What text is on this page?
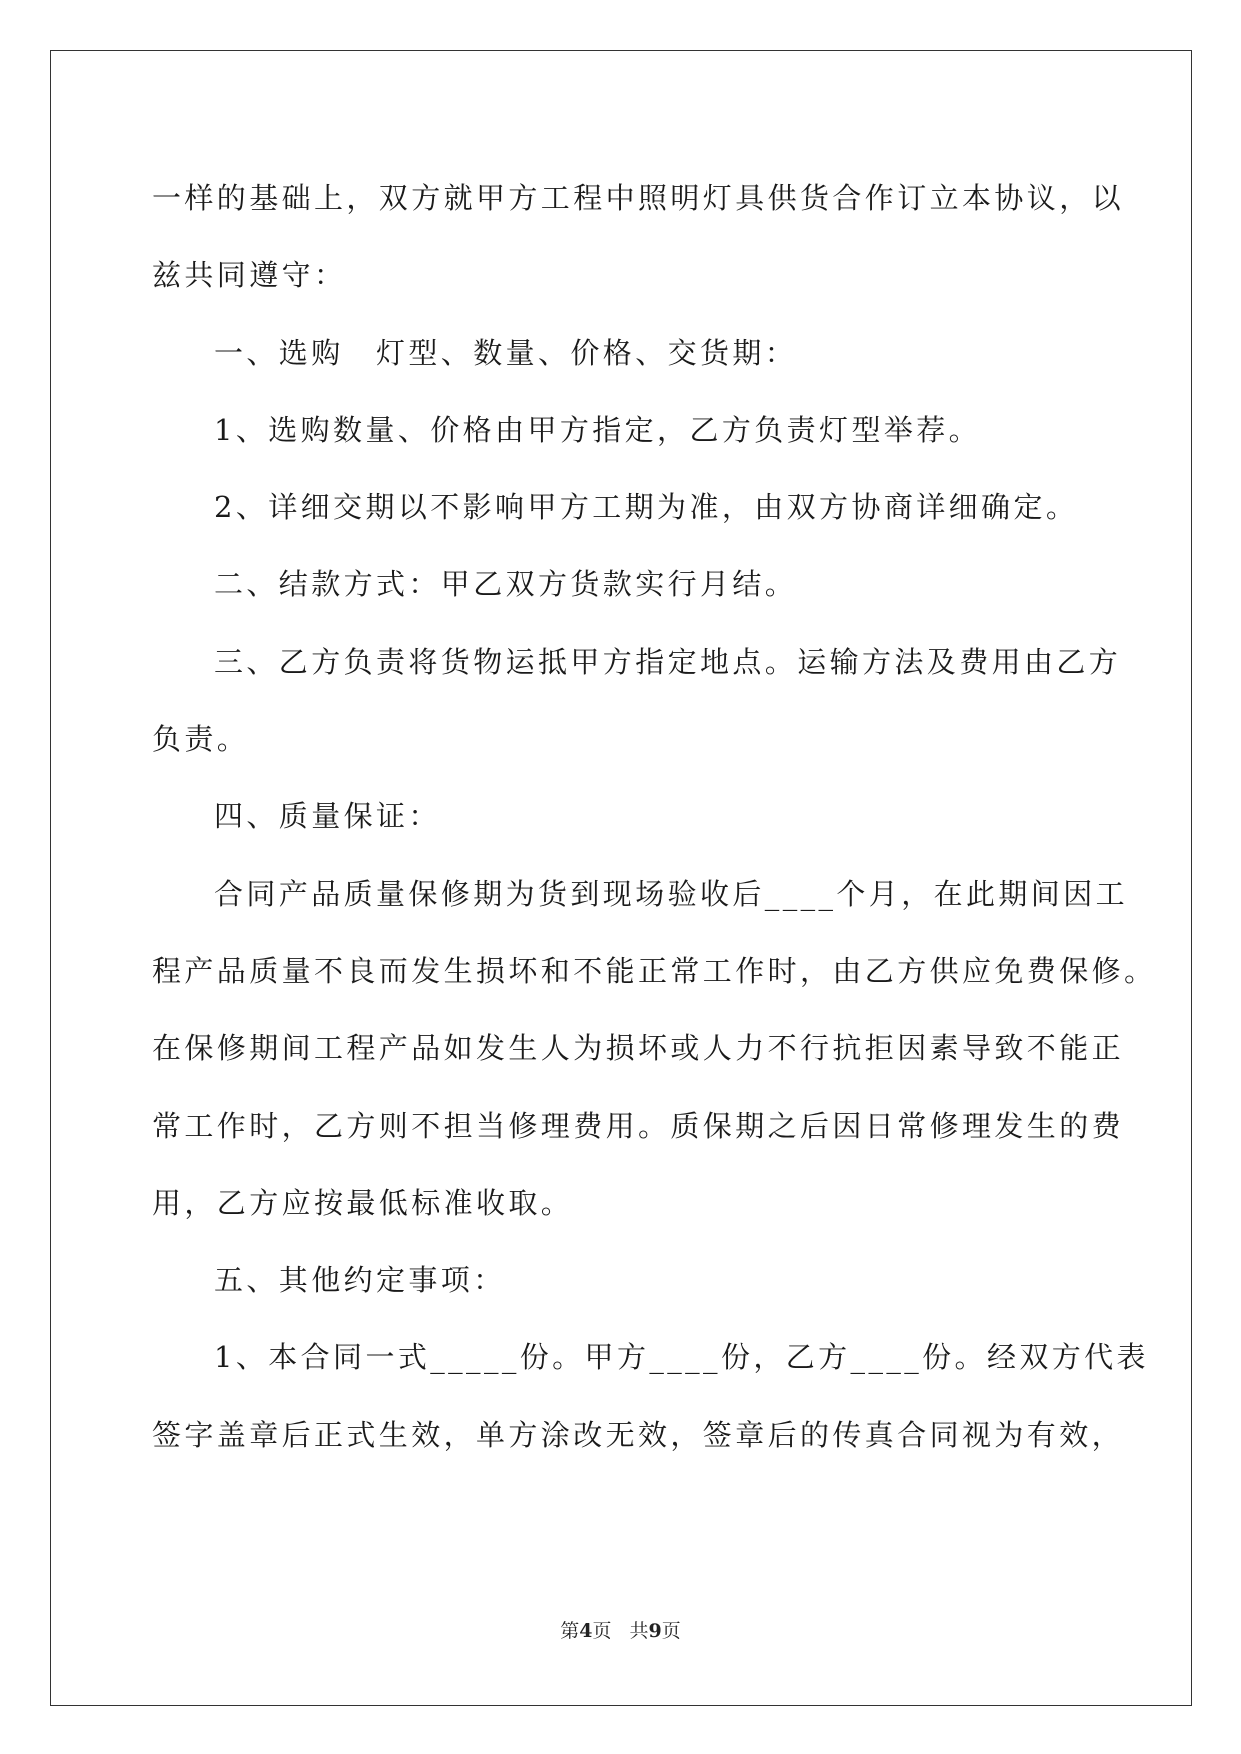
一样的基础上，双方就甲方工程中照明灯具供货合作订立本协议，以
兹共同遵守：
一、选购　灯型、数量、价格、交货期：
1、选购数量、价格由甲方指定，乙方负责灯型举荐。
2、详细交期以不影响甲方工期为准，由双方协商详细确定。
二、结款方式：甲乙双方货款实行月结。
三、乙方负责将货物运抵甲方指定地点。运输方法及费用由乙方
负责。
四、质量保证：
合同产品质量保修期为货到现场验收后____个月，在此期间因工
程产品质量不良而发生损坏和不能正常工作时，由乙方供应免费保修。
在保修期间工程产品如发生人为损坏或人力不行抗拒因素导致不能正
常工作时，乙方则不担当修理费用。质保期之后因日常修理发生的费
用，乙方应按最低标准收取。
五、其他约定事项：
1、本合同一式_____份。甲方____份，乙方____份。经双方代表
签字盖章后正式生效，单方涂改无效，签章后的传真合同视为有效，
第4页 共9页
